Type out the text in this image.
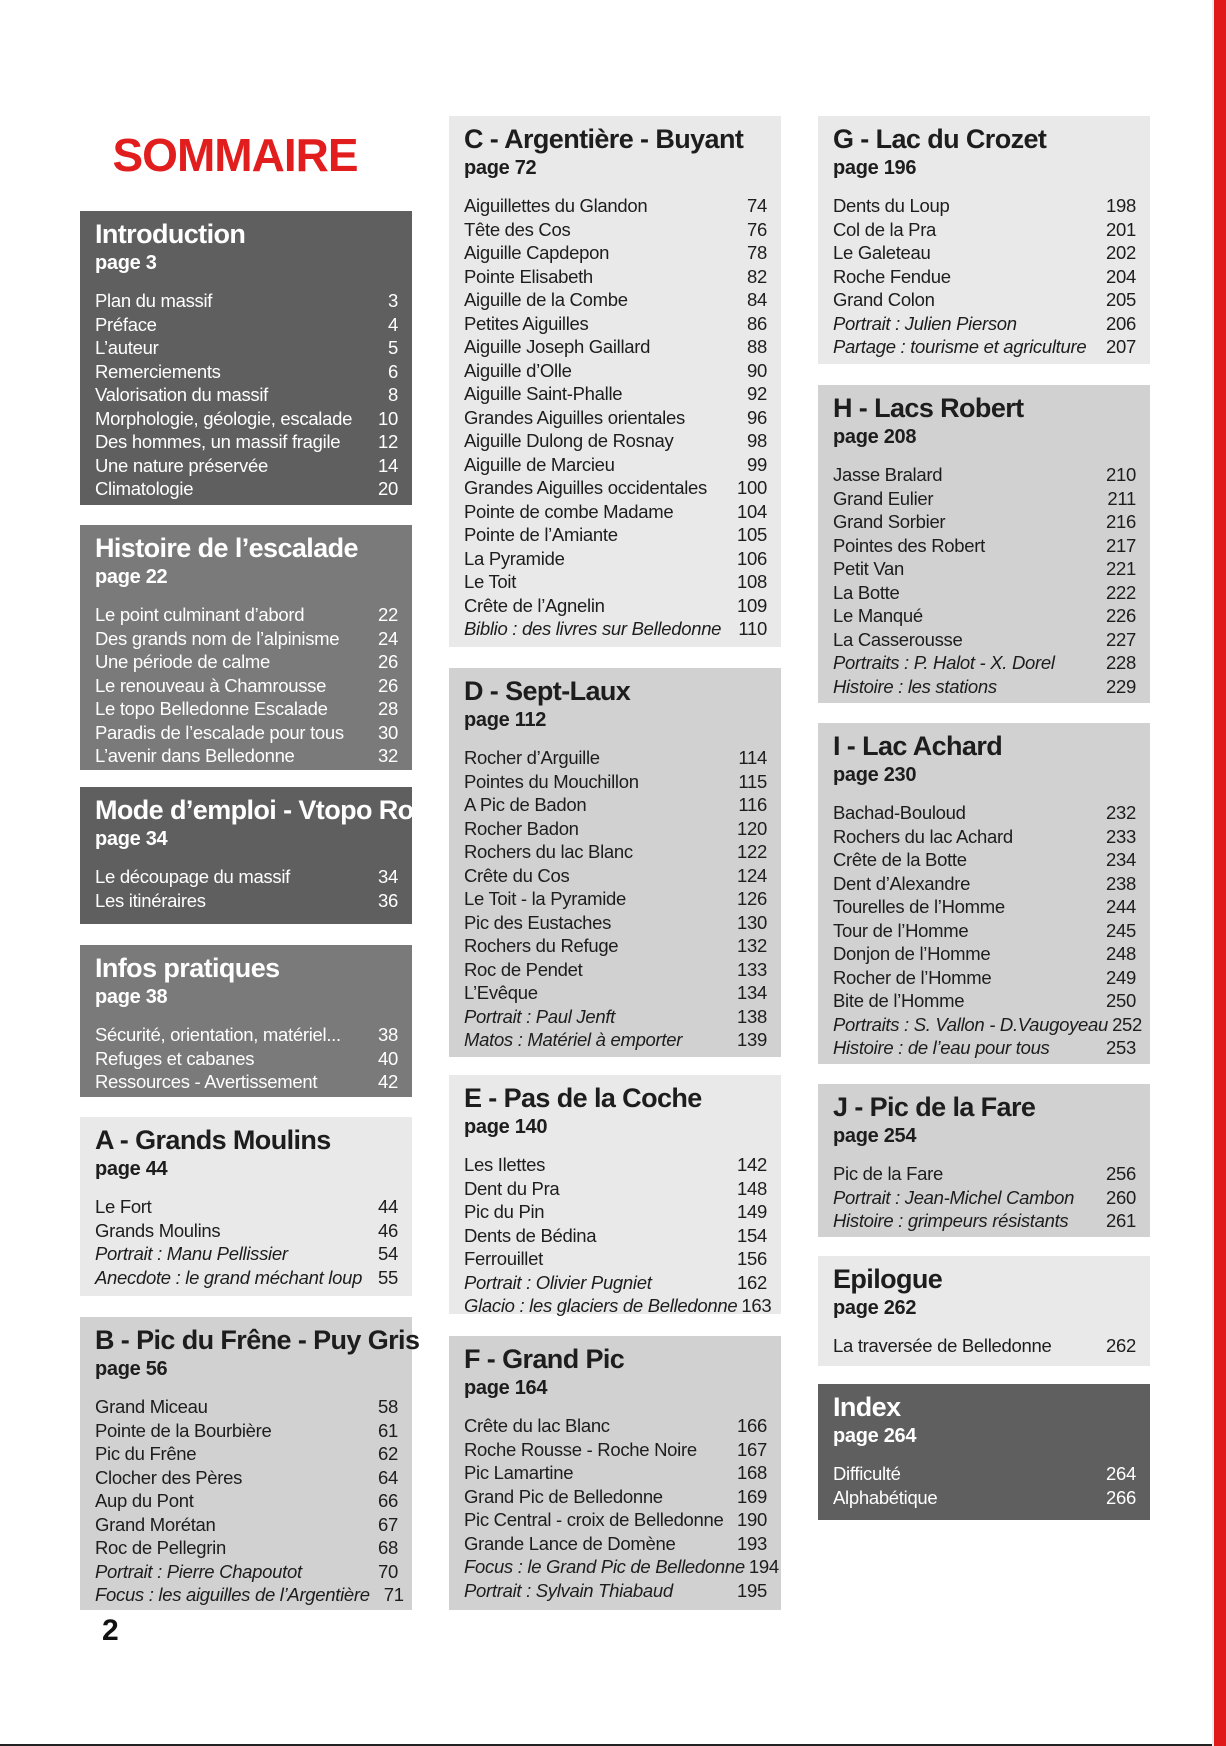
SOMMAIRE
Introduction
page 3
Plan du massif	3
Préface	4
L’auteur	5
Remerciements	6
Valorisation du massif	8
Morphologie, géologie, escalade	10
Des hommes, un massif fragile	12
Une nature préservée	14
Climatologie	20
Histoire de l’escalade
page 22
Le point culminant d’abord	22
Des grands nom de l’alpinisme	24
Une période de calme	26
Le renouveau à Chamrousse	26
Le topo Belledonne Escalade	28
Paradis de l’escalade pour tous	30
L’avenir dans Belledonne	32
Mode d’emploi - Vtopo Roc
page 34
Le découpage du massif	34
Les itinéraires	36
Infos pratiques
page 38
Sécurité, orientation, matériel...	38
Refuges et cabanes	40
Ressources - Avertissement	42
A - Grands Moulins
page 44
Le Fort	44
Grands Moulins	46
Portrait : Manu Pellissier	54
Anecdote : le grand méchant loup 55
B - Pic du Frêne - Puy Gris
page 56
Grand Miceau	58
Pointe de la Bourbière	61
Pic du Frêne	62
Clocher des Pères	64
Aup du Pont	66
Grand Morétan	67
Roc de Pellegrin	68
Portrait : Pierre Chapoutot	70
Focus : les aiguilles de l’Argentière 71
C - Argentière - Buyant
page 72
Aiguillettes du Glandon	74
Tête des Cos	76
Aiguille Capdepon	78
Pointe Elisabeth	82
Aiguille de la Combe	84
Petites Aiguilles	86
Aiguille Joseph Gaillard	88
Aiguille d’Olle	90
Aiguille Saint-Phalle	92
Grandes Aiguilles orientales	96
Aiguille Dulong de Rosnay	98
Aiguille de Marcieu	99
Grandes Aiguilles occidentales 100
Pointe de combe Madame	104
Pointe de l’Amiante	105
La Pyramide	106
Le Toit	108
Crête de l’Agnelin	109
Biblio : des livres sur Belledonne 110
D - Sept-Laux
page 112
Rocher d’Arguille	114
Pointes du Mouchillon	115
A Pic de Badon	116
Rocher Badon	120
Rochers du lac Blanc	122
Crête du Cos	124
Le Toit - la Pyramide	126
Pic des Eustaches	130
Rochers du Refuge	132
Roc de Pendet	133
L’Evêque	134
Portrait : Paul Jenft	138
Matos : Matériel à emporter	139
E - Pas de la Coche
page 140
Les Ilettes	142
Dent du Pra	148
Pic du Pin	149
Dents de Bédina	154
Ferrouillet	156
Portrait : Olivier Pugniet	162
Glacio : les glaciers de Belledonne 163
F - Grand Pic
page 164
Crête du lac Blanc	166
Roche Rousse - Roche Noire 167
Pic Lamartine	168
Grand Pic de Belledonne	169
Pic Central - croix de Belledonne 190
Grande Lance de Domène	193
Focus : le Grand Pic de Belledonne 194
Portrait : Sylvain Thiabaud	195
G - Lac du Crozet
page 196
Dents du Loup	198
Col de la Pra	201
Le Galeteau	202
Roche Fendue	204
Grand Colon	205
Portrait : Julien Pierson	206
Partage : tourisme et agriculture 207
H - Lacs Robert
page 208
Jasse Bralard	210
Grand Eulier	211
Grand Sorbier	216
Pointes des Robert	217
Petit Van	221
La Botte	222
Le Manqué	226
La Casserousse	227
Portraits : P. Halot - X. Dorel	228
Histoire : les stations	229
I - Lac Achard
page 230
Bachad-Bouloud	232
Rochers du lac Achard	233
Crête de la Botte	234
Dent d’Alexandre	238
Tourelles de l’Homme	244
Tour de l’Homme	245
Donjon de l’Homme	248
Rocher de l’Homme	249
Bite de l’Homme	250
Portraits : S. Vallon - D.Vaugoyeau 252
Histoire : de l’eau pour tous	253
J - Pic de la Fare
page 254
Pic de la Fare	256
Portrait : Jean-Michel Cambon 260
Histoire : grimpeurs résistants 261
Epilogue
page 262
La traversée de Belledonne	262
Index
page 264
Difficulté	264
Alphabétique	266
2
